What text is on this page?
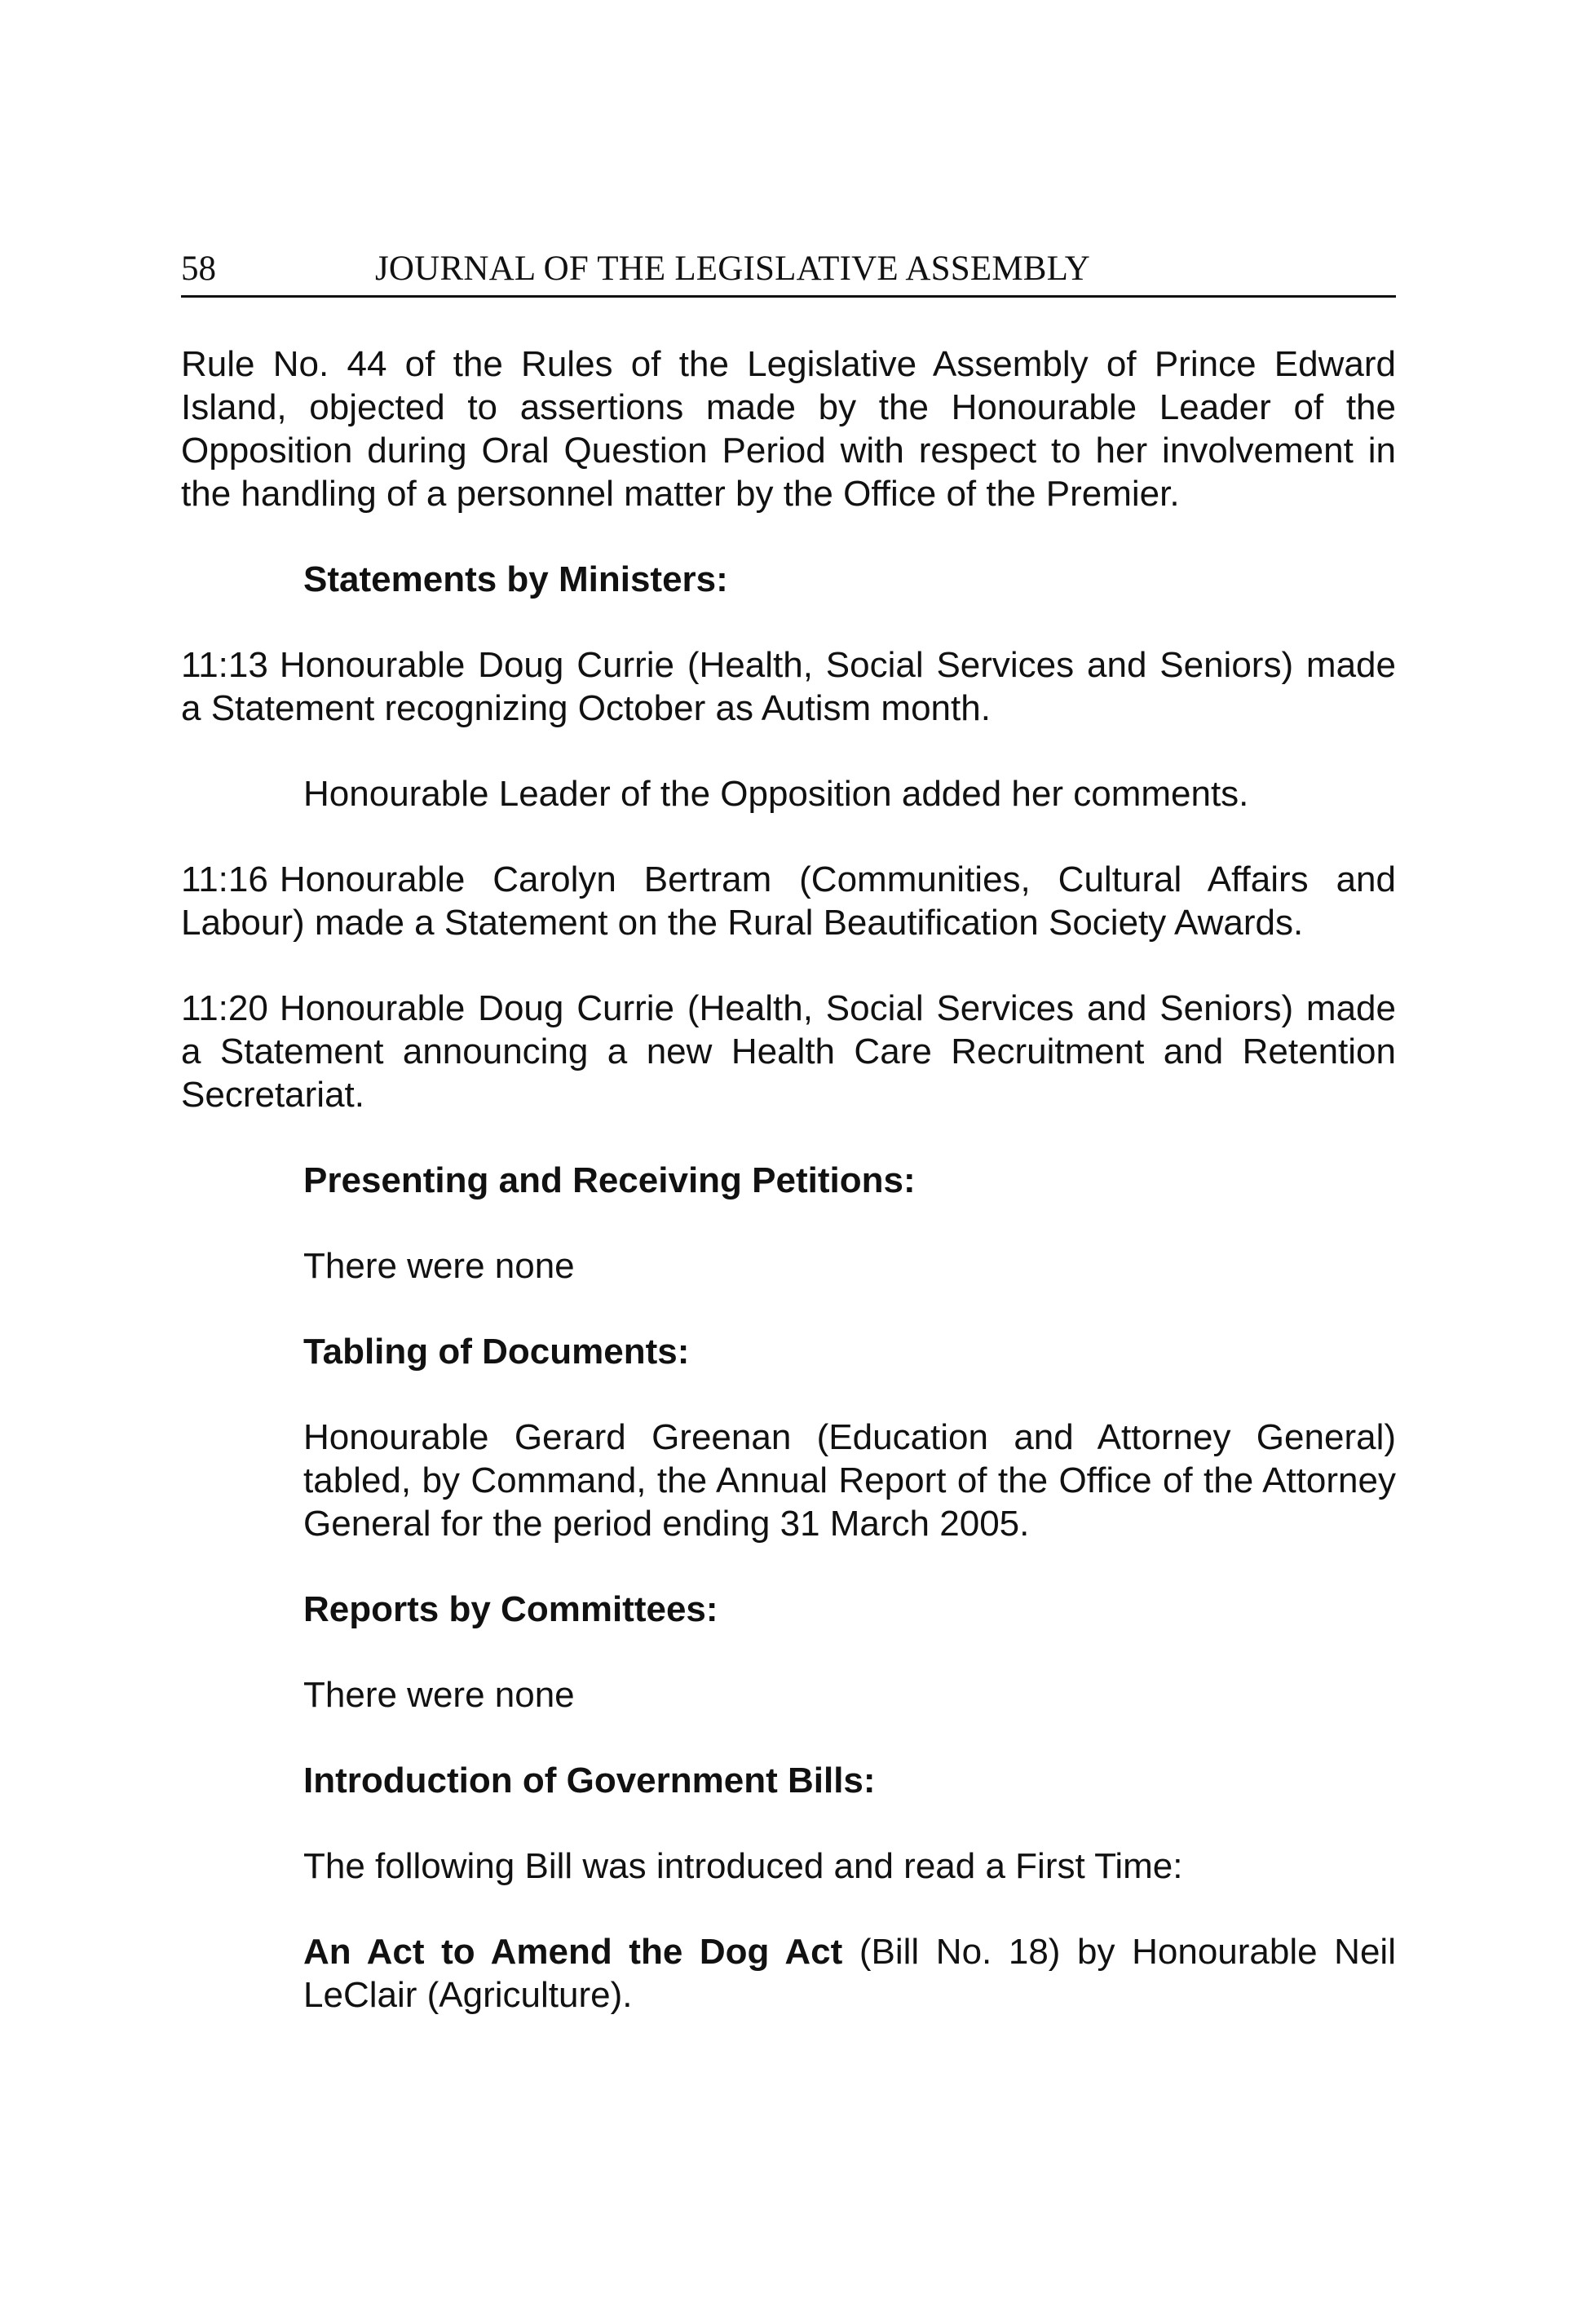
58	JOURNAL OF THE LEGISLATIVE ASSEMBLY

Rule No. 44 of the Rules of the Legislative Assembly of Prince Edward Island, objected to assertions made by the Honourable Leader of the Opposition during Oral Question Period with respect to her involvement in the handling of a personnel matter by the Office of the Premier.

Statements by Ministers:

11:13 Honourable Doug Currie (Health, Social Services and Seniors) made a Statement recognizing October as Autism month.

Honourable Leader of the Opposition added her comments.

11:16 Honourable Carolyn Bertram (Communities, Cultural Affairs and Labour) made a Statement on the Rural Beautification Society Awards.

11:20 Honourable Doug Currie (Health, Social Services and Seniors) made a Statement announcing a new Health Care Recruitment and Retention Secretariat.

Presenting and Receiving Petitions:

There were none

Tabling of Documents:

Honourable Gerard Greenan (Education and Attorney General) tabled, by Command, the Annual Report of the Office of the Attorney General for the period ending 31 March 2005.

Reports by Committees:

There were none

Introduction of Government Bills:

The following Bill was introduced and read a First Time:

An Act to Amend the Dog Act (Bill No. 18) by Honourable Neil LeClair (Agriculture).
